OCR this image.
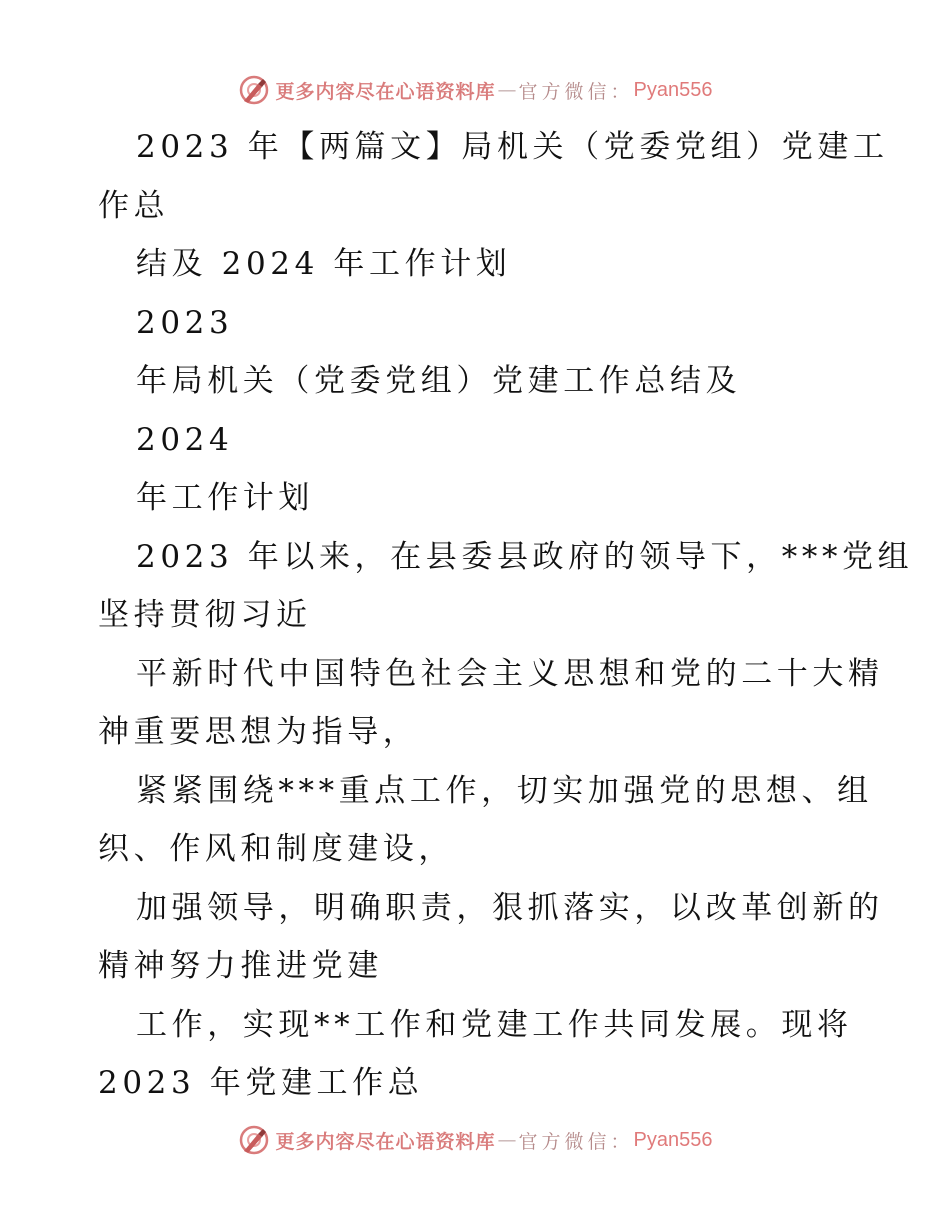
更多内容尽在心语资料库 — 官方微信： Pyan556
2023 年【两篇文】局机关（党委党组）党建工
作总
结及 2024 年工作计划
2023
年局机关（党委党组）党建工作总结及
2024
年工作计划
2023 年以来，在县委县政府的领导下，***党组
坚持贯彻习近
平新时代中国特色社会主义思想和党的二十大精
神重要思想为指导，
紧紧围绕***重点工作，切实加强党的思想、组
织、作风和制度建设，
加强领导，明确职责，狠抓落实，以改革创新的
精神努力推进党建
工作，实现**工作和党建工作共同发展。现将
2023 年党建工作总
更多内容尽在心语资料库 — 官方微信： Pyan556
